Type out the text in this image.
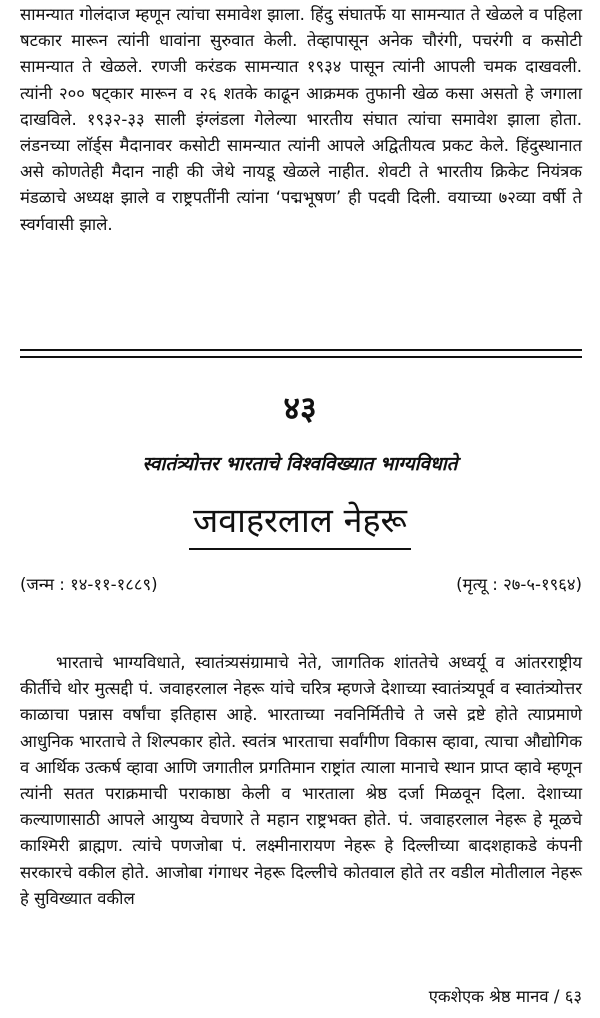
सामन्यात गोलंदाज म्हणून त्यांचा समावेश झाला. हिंदु संघातर्फे या सामन्यात ते खेळले व पहिला षटकार मारून त्यांनी धावांना सुरुवात केली. तेव्हापासून अनेक चौरंगी, पचरंगी व कसोटी सामन्यात ते खेळले. रणजी करंडक सामन्यात १९३४ पासून त्यांनी आपली चमक दाखवली. त्यांनी २०० षट्कार मारून व २६ शतके काढून आक्रमक तुफानी खेळ कसा असतो हे जगाला दाखविले. १९३२-३३ साली इंग्लंडला गेलेल्या भारतीय संघात त्यांचा समावेश झाला होता. लंडनच्या लॉर्ड्स मैदानावर कसोटी सामन्यात त्यांनी आपले अद्वितीयत्व प्रकट केले. हिंदुस्थानात असे कोणतेही मैदान नाही की जेथे नायडू खेळले नाहीत. शेवटी ते भारतीय क्रिकेट नियंत्रक मंडळाचे अध्यक्ष झाले व राष्ट्रपतींनी त्यांना ‘पद्मभूषण’ ही पदवी दिली. वयाच्या ७२व्या वर्षी ते स्वर्गवासी झाले.

४३
स्वातंत्र्योत्तर भारताचे विश्वविख्यात भाग्यविधाते
जवाहरलाल नेहरू
(जन्म : १४-११-१८८९)	(मृत्यू : २७-५-१९६४)

भारताचे भाग्यविधाते, स्वातंत्र्यसंग्रामाचे नेते, जागतिक शांततेचे अध्वर्यू व आंतरराष्ट्रीय कीर्तीचे थोर मुत्सद्दी पं. जवाहरलाल नेहरू यांचे चरित्र म्हणजे देशाच्या स्वातंत्र्यपूर्व व स्वातंत्र्योत्तर काळाचा पन्नास वर्षांचा इतिहास आहे. भारताच्या नवनिर्मितीचे ते जसे द्रष्टे होते त्याप्रमाणे आधुनिक भारताचे ते शिल्पकार होते. स्वतंत्र भारताचा सर्वांगीण विकास व्हावा, त्याचा औद्योगिक व आर्थिक उत्कर्ष व्हावा आणि जगातील प्रगतिमान राष्ट्रांत त्याला मानाचे स्थान प्राप्त व्हावे म्हणून त्यांनी सतत पराक्रमाची पराकाष्ठा केली व भारताला श्रेष्ठ दर्जा मिळवून दिला. देशाच्या कल्याणासाठी आपले आयुष्य वेचणारे ते महान राष्ट्रभक्त होते. पं. जवाहरलाल नेहरू हे मूळचे काश्मिरी ब्राह्मण. त्यांचे पणजोबा पं. लक्ष्मीनारायण नेहरू हे दिल्लीच्या बादशहाकडे कंपनी सरकारचे वकील होते. आजोबा गंगाधर नेहरू दिल्लीचे कोतवाल होते तर वडील मोतीलाल नेहरू हे सुविख्यात वकील

एकशेएक श्रेष्ठ मानव / ६३
